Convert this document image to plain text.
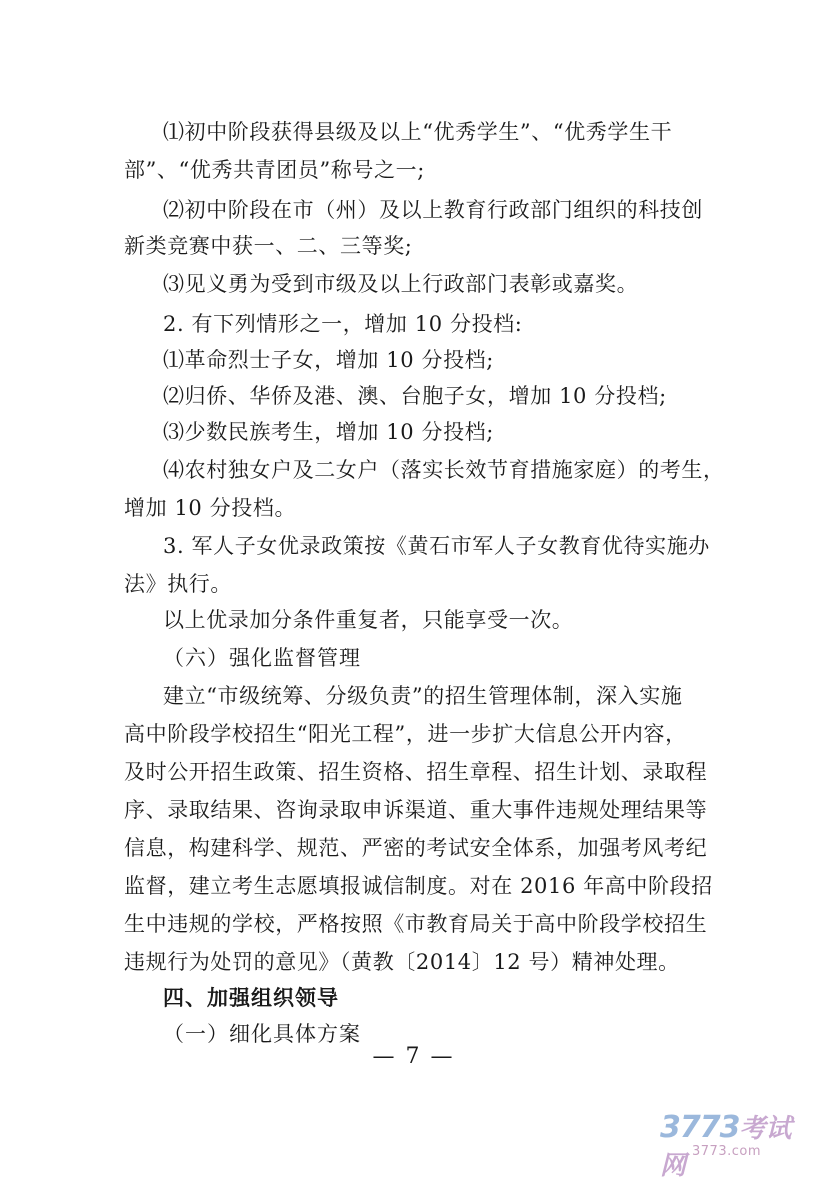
⑴初中阶段获得县级及以上“优秀学生”、“优秀学生干
部”、“优秀共青团员”称号之一;
⑵初中阶段在市（州）及以上教育行政部门组织的科技创
新类竞赛中获一、二、三等奖;
⑶见义勇为受到市级及以上行政部门表彰或嘉奖。
2. 有下列情形之一，增加 10 分投档:
⑴革命烈士子女，增加 10 分投档;
⑵归侨、华侨及港、澳、台胞子女，增加 10 分投档;
⑶少数民族考生，增加 10 分投档;
⑷农村独女户及二女户（落实长效节育措施家庭）的考生，
增加 10 分投档。
3. 军人子女优录政策按《黄石市军人子女教育优待实施办
法》执行。
以上优录加分条件重复者，只能享受一次。
（六）强化监督管理
建立“市级统筹、分级负责”的招生管理体制，深入实施
高中阶段学校招生“阳光工程”，进一步扩大信息公开内容，
及时公开招生政策、招生资格、招生章程、招生计划、录取程
序、录取结果、咨询录取申诉渠道、重大事件违规处理结果等
信息，构建科学、规范、严密的考试安全体系，加强考风考纪
监督，建立考生志愿填报诚信制度。对在 2016 年高中阶段招
生中违规的学校，严格按照《市教育局关于高中阶段学校招生
违规行为处罚的意见》（黄教〔2014〕12 号）精神处理。
四、加强组织领导
（一）细化具体方案
— 7 —
3773考试网 3773.com
